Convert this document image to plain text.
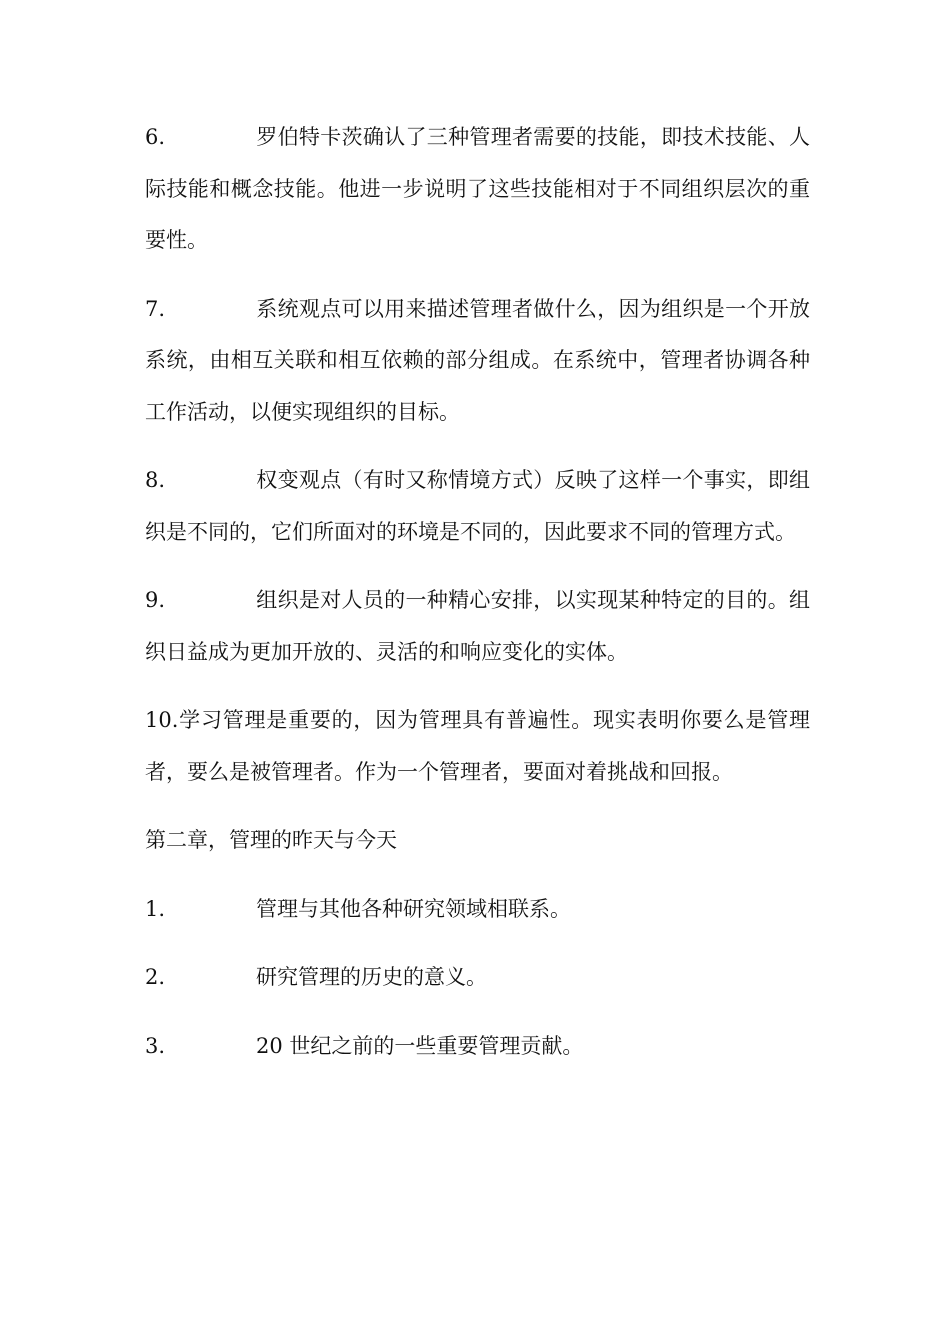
6.	罗伯特卡茨确认了三种管理者需要的技能，即技术技能、人际技能和概念技能。他进一步说明了这些技能相对于不同组织层次的重要性。

7.	系统观点可以用来描述管理者做什么，因为组织是一个开放系统，由相互关联和相互依赖的部分组成。在系统中，管理者协调各种工作活动，以便实现组织的目标。

8.	权变观点（有时又称情境方式）反映了这样一个事实，即组织是不同的，它们所面对的环境是不同的，因此要求不同的管理方式。

9.	组织是对人员的一种精心安排，以实现某种特定的目的。组织日益成为更加开放的、灵活的和响应变化的实体。

10.学习管理是重要的，因为管理具有普遍性。现实表明你要么是管理者，要么是被管理者。作为一个管理者，要面对着挑战和回报。

第二章，管理的昨天与今天

1.	管理与其他各种研究领域相联系。

2.	研究管理的历史的意义。

3.	20 世纪之前的一些重要管理贡献。
